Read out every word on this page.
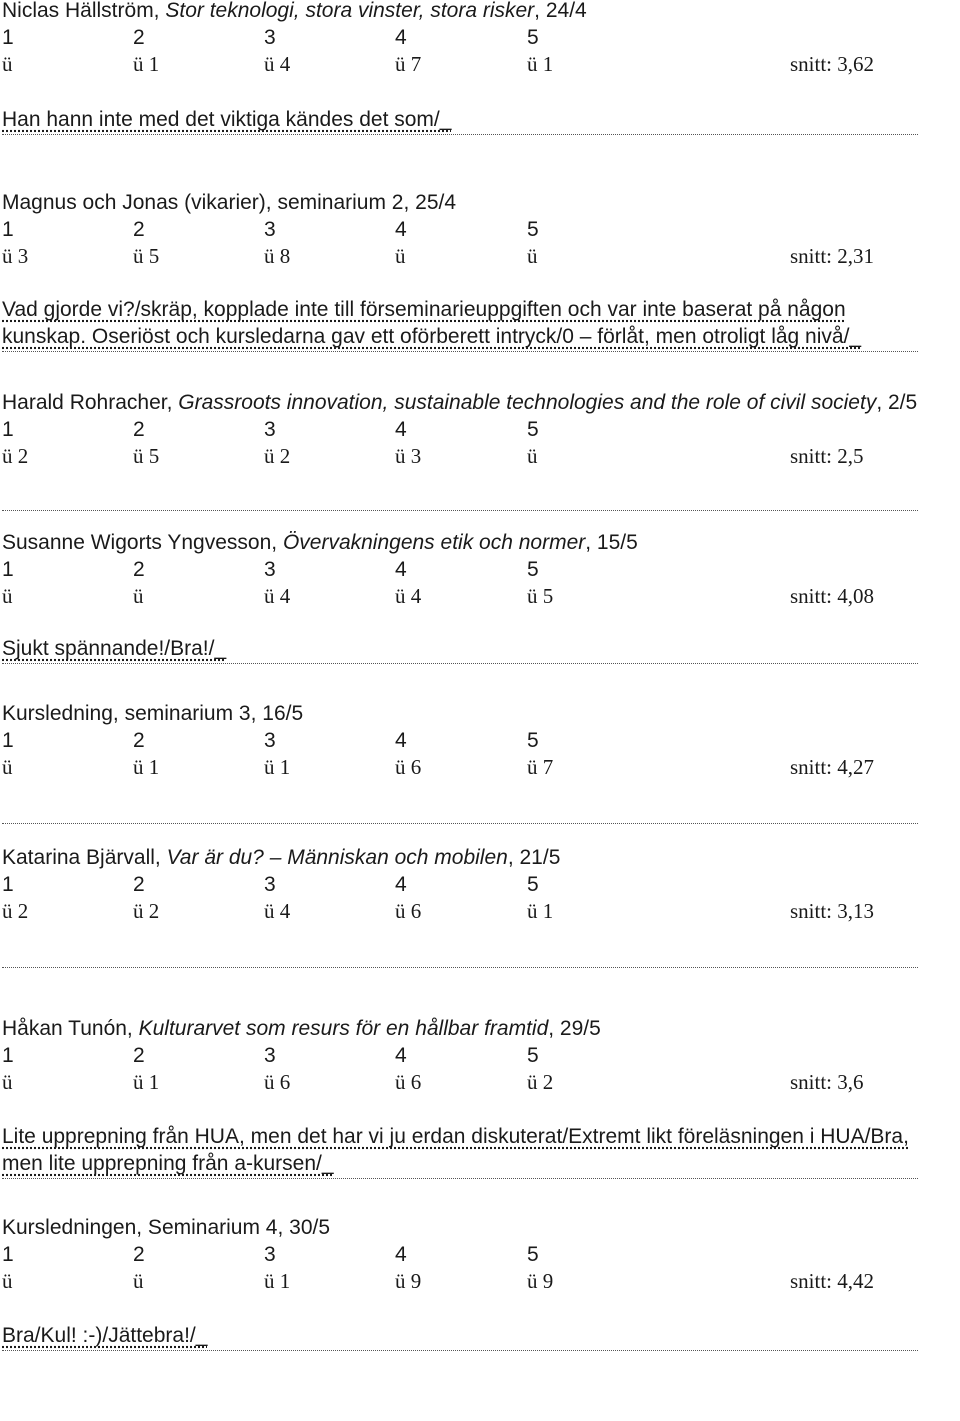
Niclas Hällström, Stor teknologi, stora vinster, stora risker, 24/4
1	2	3	4	5
ü	ü 1	ü 4	ü 7	ü 1	snitt: 3,62
Han hann inte med det viktiga kändes det som/_
Magnus och Jonas (vikarier), seminarium 2, 25/4
1	2	3	4	5
ü 3	ü 5	ü 8	ü	ü	snitt: 2,31
Vad gjorde vi?/skräp, kopplade inte till förseminarieuppgiften och var inte baserat på någon kunskap. Oseriöst och kursledarna gav ett oförberett intryck/0 – förlåt, men otroligt låg nivå/_
Harald Rohracher, Grassroots innovation, sustainable technologies and the role of civil society, 2/5
1	2	3	4	5
ü 2	ü 5	ü 2	ü 3	ü	snitt: 2,5
Susanne Wigorts Yngvesson, Övervakningens etik och normer, 15/5
1	2	3	4	5
ü	ü	ü 4	ü 4	ü 5	snitt: 4,08
Sjukt spännande!/Bra!/_
Kursledning, seminarium 3, 16/5
1	2	3	4	5
ü	ü 1	ü 1	ü 6	ü 7	snitt: 4,27
Katarina Bjärvall, Var är du? – Människan och mobilen, 21/5
1	2	3	4	5
ü 2	ü 2	ü 4	ü 6	ü 1	snitt: 3,13
Håkan Tunón, Kulturarvet som resurs för en hållbar framtid, 29/5
1	2	3	4	5
ü	ü 1	ü 6	ü 6	ü 2	snitt: 3,6
Lite upprepning från HUA, men det har vi ju erdan diskuterat/Extremt likt föreläsningen i HUA/Bra, men lite upprepning från a-kursen/_
Kursledningen, Seminarium 4, 30/5
1	2	3	4	5
ü	ü	ü 1	ü 9	ü 9	snitt: 4,42
Bra/Kul! :-)/Jättebra!/_
